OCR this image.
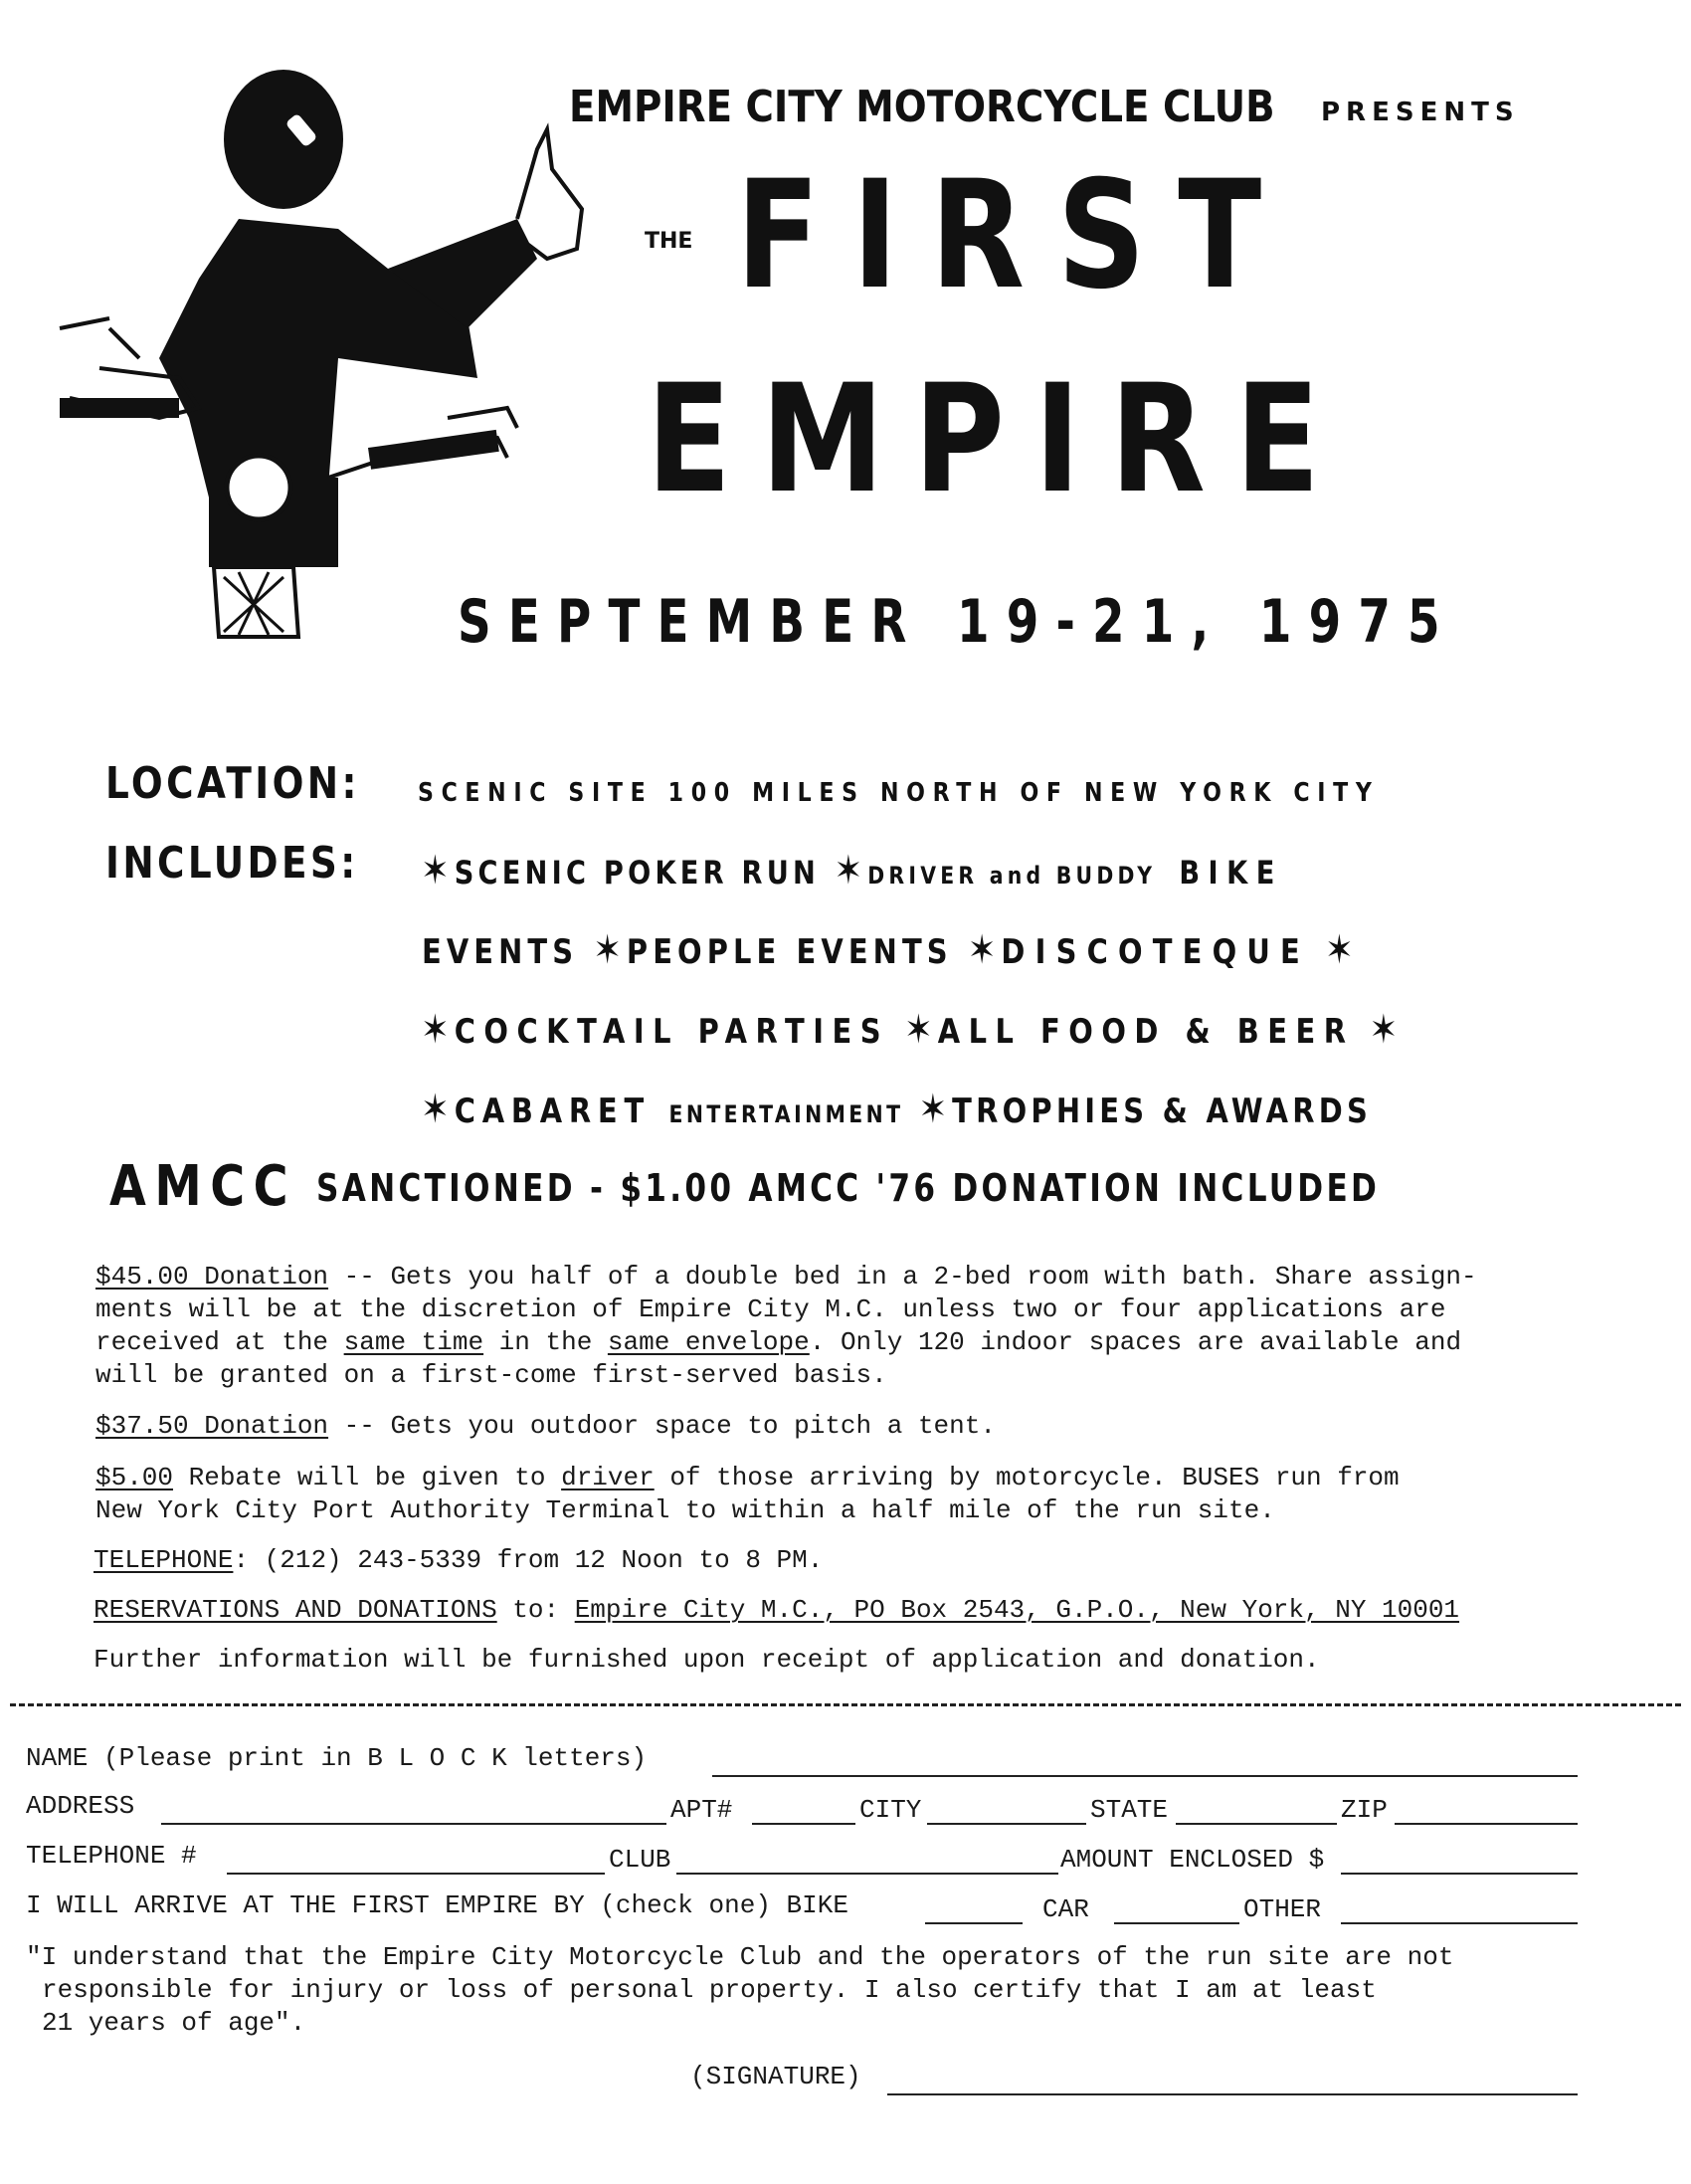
EMPIRE CITY MOTORCYCLE CLUB PRESENTS
THE FIRST
EMPIRE
SEPTEMBER 19-21, 1975
LOCATION: SCENIC SITE 100 MILES NORTH OF NEW YORK CITY
INCLUDES: ✶ SCENIC POKER RUN ✶ DRIVER and BUDDY BIKE
EVENTS ✶ PEOPLE EVENTS ✶ DISCOTEQUE ✶
✶ COCKTAIL PARTIES ✶ ALL FOOD & BEER ✶
✶ CABARET ENTERTAINMENT ✶ TROPHIES & AWARDS
AMCC SANCTIONED - $1.00 AMCC '76 DONATION INCLUDED
$45.00 Donation -- Gets you half of a double bed in a 2-bed room with bath. Share assign-
ments will be at the discretion of Empire City M.C. unless two or four applications are
received at the same time in the same envelope. Only 120 indoor spaces are available and
will be granted on a first-come first-served basis.
$37.50 Donation -- Gets you outdoor space to pitch a tent.
$5.00 Rebate will be given to driver of those arriving by motorcycle. BUSES run from
New York City Port Authority Terminal to within a half mile of the run site.
TELEPHONE: (212) 243-5339 from 12 Noon to 8 PM.
RESERVATIONS AND DONATIONS to: Empire City M.C., PO Box 2543, G.P.O., New York, NY 10001
Further information will be furnished upon receipt of application and donation.
NAME (Please print in B L O C K letters)
ADDRESS	APT#	CITY	STATE	ZIP
TELEPHONE #	CLUB	AMOUNT ENCLOSED $
I WILL ARRIVE AT THE FIRST EMPIRE BY (check one) BIKE	CAR	OTHER
"I understand that the Empire City Motorcycle Club and the operators of the run site are not
responsible for injury or loss of personal property. I also certify that I am at least
21 years of age".
(SIGNATURE)
